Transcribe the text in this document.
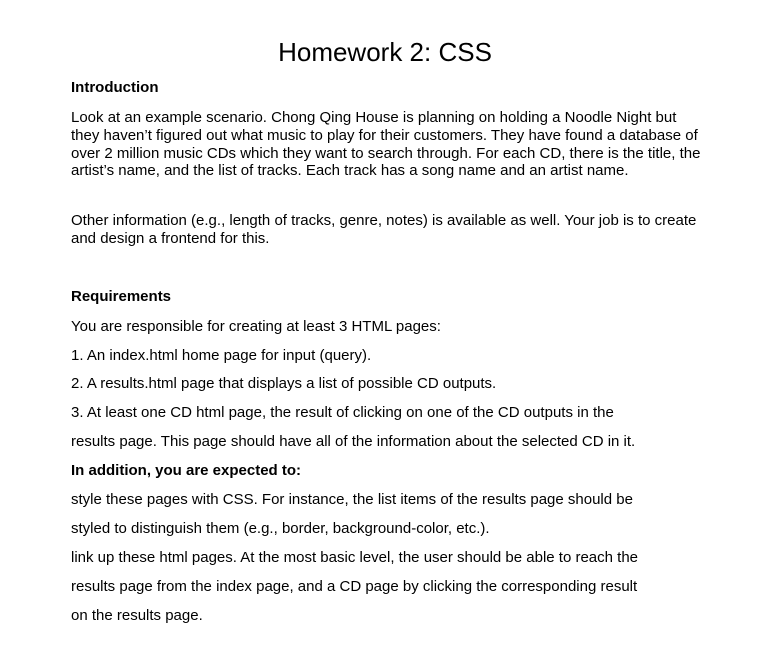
Homework 2: CSS
Introduction
Look at an example scenario. Chong Qing House is planning on holding a Noodle Night but they haven’t figured out what music to play for their customers. They have found a database of over 2 million music CDs which they want to search through. For each CD, there is the title, the artist’s name, and the list of tracks. Each track has a song name and an artist name.
Other information (e.g., length of tracks, genre, notes) is available as well. Your job is to create and design a frontend for this.
Requirements
You are responsible for creating at least 3 HTML pages:
1. An index.html home page for input (query).
2. A results.html page that displays a list of possible CD outputs.
3. At least one CD html page, the result of clicking on one of the CD outputs in the
results page. This page should have all of the information about the selected CD in it.
In addition, you are expected to:
style these pages with CSS. For instance, the list items of the results page should be
styled to distinguish them (e.g., border, background-color, etc.).
link up these html pages. At the most basic level, the user should be able to reach the
results page from the index page, and a CD page by clicking the corresponding result
on the results page.
